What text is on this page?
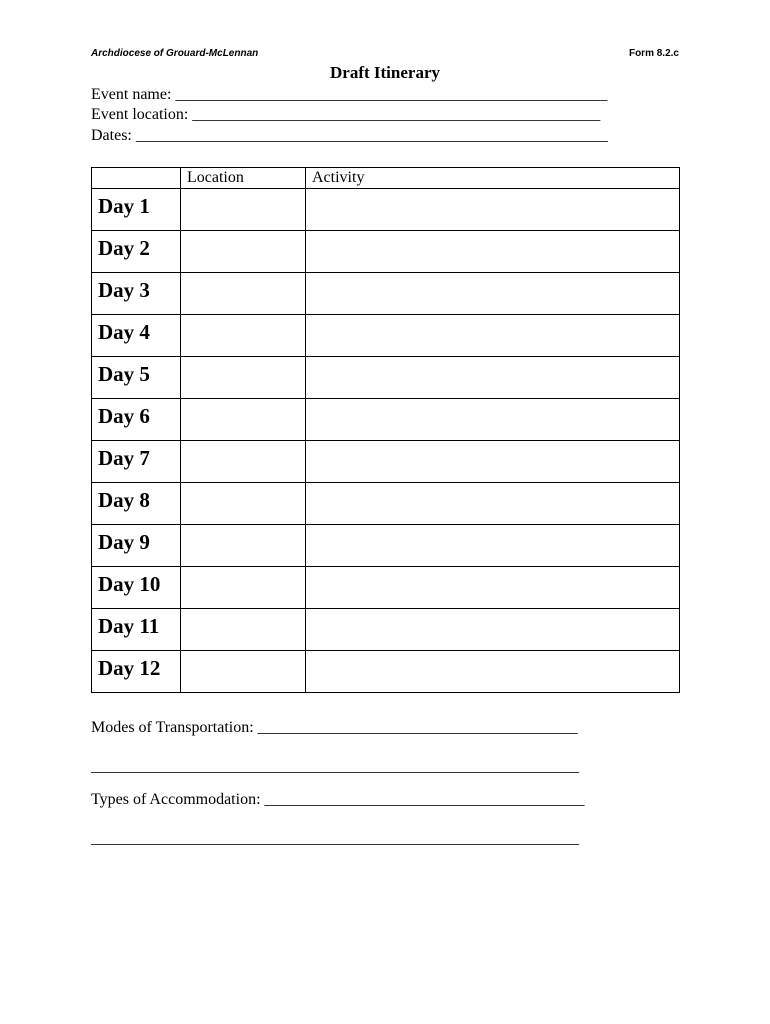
Archdiocese of Grouard-McLennan	Form 8.2.c
Draft Itinerary
Event name: ______________________________________________________
Event location: ___________________________________________________
Dates: ___________________________________________________________
	Location	Activity
Day 1		
Day 2		
Day 3		
Day 4		
Day 5		
Day 6		
Day 7		
Day 8		
Day 9		
Day 10		
Day 11		
Day 12		
Modes of Transportation: ________________________________________
_____________________________________________________________
Types of Accommodation: ________________________________________
_____________________________________________________________
